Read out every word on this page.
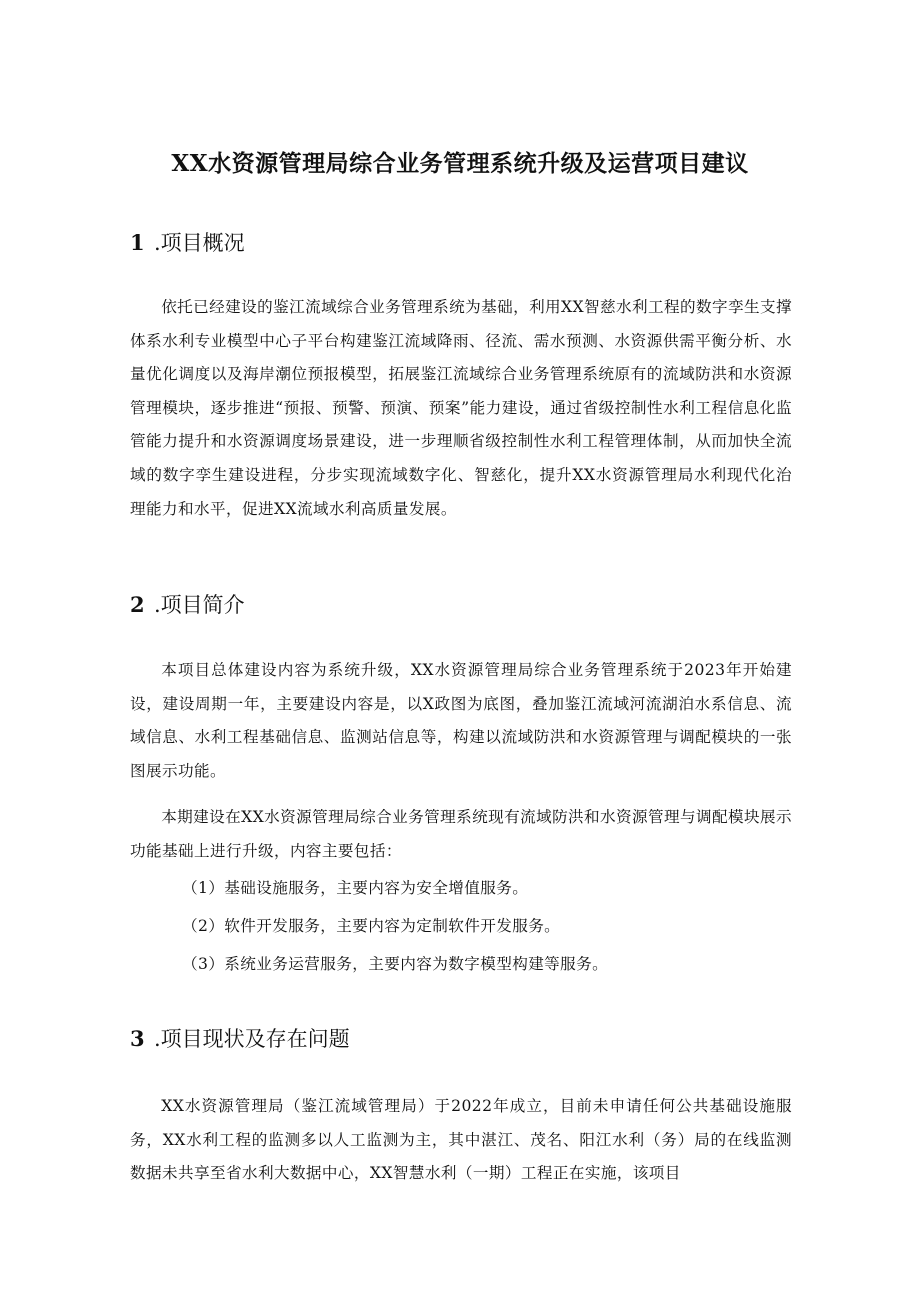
XX水资源管理局综合业务管理系统升级及运营项目建议
1 .项目概况

依托已经建设的鉴江流域综合业务管理系统为基础，利用XX智慈水利工程的数字孪生支撑体系水利专业模型中心子平台构建鉴江流域降雨、径流、需水预测、水资源供需平衡分析、水量优化调度以及海岸潮位预报模型，拓展鉴江流域综合业务管理系统原有的流域防洪和水资源管理模块，逐步推进“预报、预警、预演、预案”能力建设，通过省级控制性水利工程信息化监管能力提升和水资源调度场景建设，进一步理顺省级控制性水利工程管理体制，从而加快全流域的数字孪生建设进程，分步实现流域数字化、智慈化，提升XX水资源管理局水利现代化治理能力和水平，促进XX流域水利高质量发展。

2 .项目简介

本项目总体建设内容为系统升级，XX水资源管理局综合业务管理系统于2023年开始建设，建设周期一年，主要建设内容是，以X政图为底图，叠加鉴江流域河流湖泊水系信息、流域信息、水利工程基础信息、监测站信息等，构建以流域防洪和水资源管理与调配模块的一张图展示功能。

本期建设在XX水资源管理局综合业务管理系统现有流域防洪和水资源管理与调配模块展示功能基础上进行升级，内容主要包括：

（1）基础设施服务，主要内容为安全增值服务。

（2）软件开发服务，主要内容为定制软件开发服务。

（3）系统业务运营服务，主要内容为数字模型构建等服务。

3 .项目现状及存在问题

XX水资源管理局（鉴江流域管理局）于2022年成立，目前未申请任何公共基础设施服务，XX水利工程的监测多以人工监测为主，其中湛江、茂名、阳江水利（务）局的在线监测数据未共享至省水利大数据中心，XX智慧水利（一期）工程正在实施，该项目
